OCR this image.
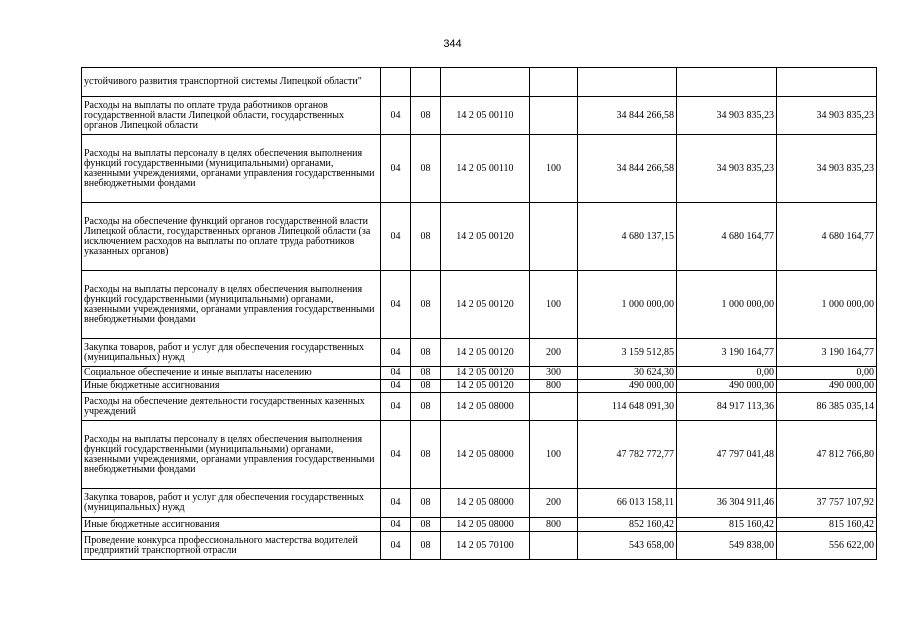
344
устойчивого развития транспортной системы Липецкой области"							
Расходы на выплаты по оплате труда работников органов государственной власти Липецкой области, государственных органов Липецкой области	04	08	14 2 05 00110		34 844 266,58	34 903 835,23	34 903 835,23
Расходы на выплаты персоналу в целях обеспечения выполнения функций государственными (муниципальными) органами, казенными учреждениями, органами управления государственными внебюджетными фондами	04	08	14 2 05 00110	100	34 844 266,58	34 903 835,23	34 903 835,23
Расходы на обеспечение функций органов государственной власти Липецкой области, государственных органов Липецкой области (за исключением расходов на выплаты по оплате труда работников указанных органов)	04	08	14 2 05 00120		4 680 137,15	4 680 164,77	4 680 164,77
Расходы на выплаты персоналу в целях обеспечения выполнения функций государственными (муниципальными) органами, казенными учреждениями, органами управления государственными внебюджетными фондами	04	08	14 2 05 00120	100	1 000 000,00	1 000 000,00	1 000 000,00
Закупка товаров, работ и услуг для обеспечения государственных (муниципальных) нужд	04	08	14 2 05 00120	200	3 159 512,85	3 190 164,77	3 190 164,77
Социальное обеспечение и иные выплаты населению	04	08	14 2 05 00120	300	30 624,30	0,00	0,00
Иные бюджетные ассигнования	04	08	14 2 05 00120	800	490 000,00	490 000,00	490 000,00
Расходы на обеспечение деятельности государственных казенных учреждений	04	08	14 2 05 08000		114 648 091,30	84 917 113,36	86 385 035,14
Расходы на выплаты персоналу в целях обеспечения выполнения функций государственными (муниципальными) органами, казенными учреждениями, органами управления государственными внебюджетными фондами	04	08	14 2 05 08000	100	47 782 772,77	47 797 041,48	47 812 766,80
Закупка товаров, работ и услуг для обеспечения государственных (муниципальных) нужд	04	08	14 2 05 08000	200	66 013 158,11	36 304 911,46	37 757 107,92
Иные бюджетные ассигнования	04	08	14 2 05 08000	800	852 160,42	815 160,42	815 160,42
Проведение конкурса профессионального мастерства водителей предприятий транспортной отрасли	04	08	14 2 05 70100		543 658,00	549 838,00	556 622,00
